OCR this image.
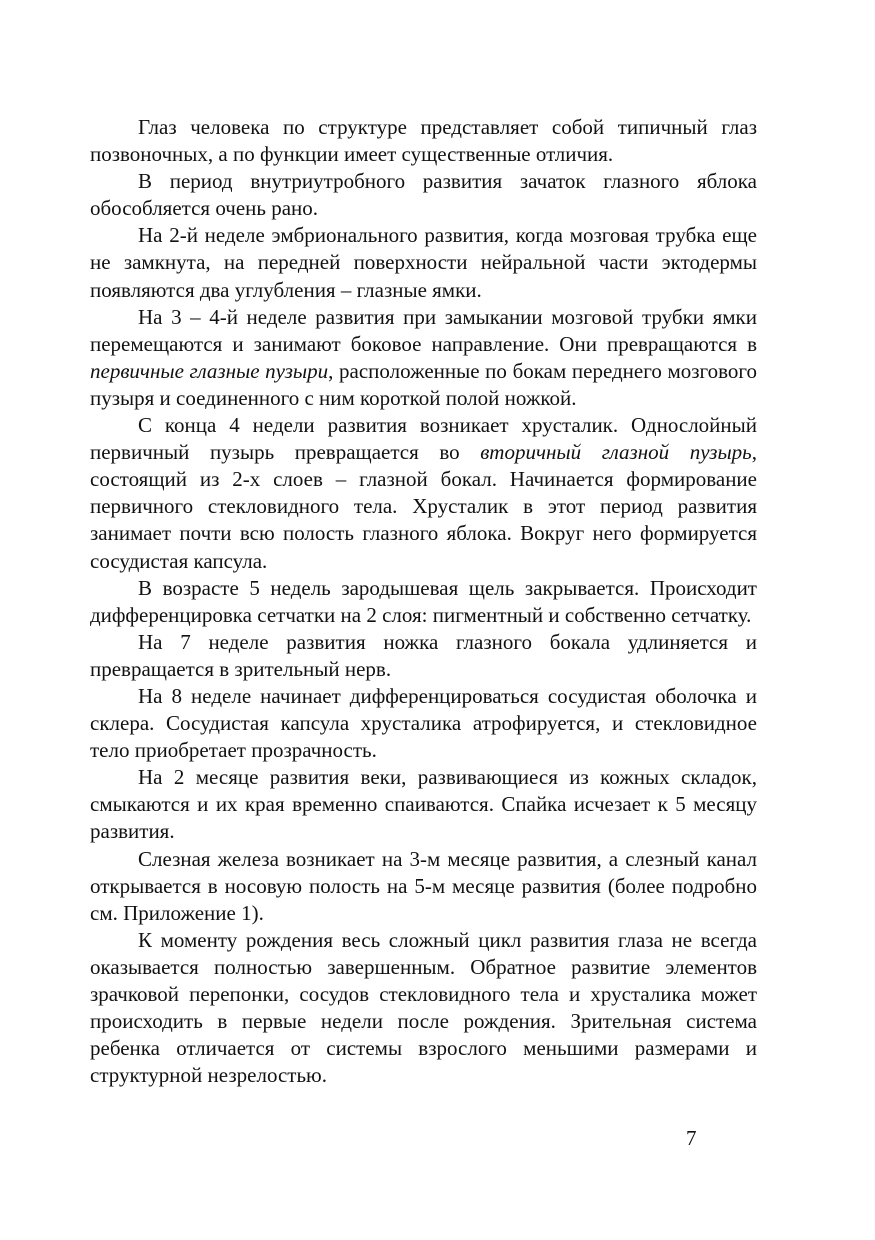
Глаз человека по структуре представляет собой типичный глаз позвоночных, а по функции имеет существенные отличия.

В период внутриутробного развития зачаток глазного яблока обособляется очень рано.

На 2-й неделе эмбрионального развития, когда мозговая трубка еще не замкнута, на передней поверхности нейральной части эктодермы появляются два углубления – глазные ямки.

На 3 – 4-й неделе развития при замыкании мозговой трубки ямки перемещаются и занимают боковое направление. Они превращаются в первичные глазные пузыри, расположенные по бокам переднего мозгового пузыря и соединенного с ним короткой полой ножкой.

С конца 4 недели развития возникает хрусталик. Однослойный первичный пузырь превращается во вторичный глазной пузырь, состоящий из 2-х слоев – глазной бокал. Начинается формирование первичного стекловидного тела. Хрусталик в этот период развития занимает почти всю полость глазного яблока. Вокруг него формируется сосудистая капсула.

В возрасте 5 недель зародышевая щель закрывается. Происходит дифференцировка сетчатки на 2 слоя: пигментный и собственно сетчатку.

На 7 неделе развития ножка глазного бокала удлиняется и превращается в зрительный нерв.

На 8 неделе начинает дифференцироваться сосудистая оболочка и склера. Сосудистая капсула хрусталика атрофируется, и стекловидное тело приобретает прозрачность.

На 2 месяце развития веки, развивающиеся из кожных складок, смыкаются и их края временно спаиваются. Спайка исчезает к 5 месяцу развития.

Слезная железа возникает на 3-м месяце развития, а слезный канал открывается в носовую полость на 5-м месяце развития (более подробно см. Приложение 1).

К моменту рождения весь сложный цикл развития глаза не всегда оказывается полностью завершенным. Обратное развитие элементов зрачковой перепонки, сосудов стекловидного тела и хрусталика может происходить в первые недели после рождения. Зрительная система ребенка отличается от системы взрослого меньшими размерами и структурной незрелостью.

7
